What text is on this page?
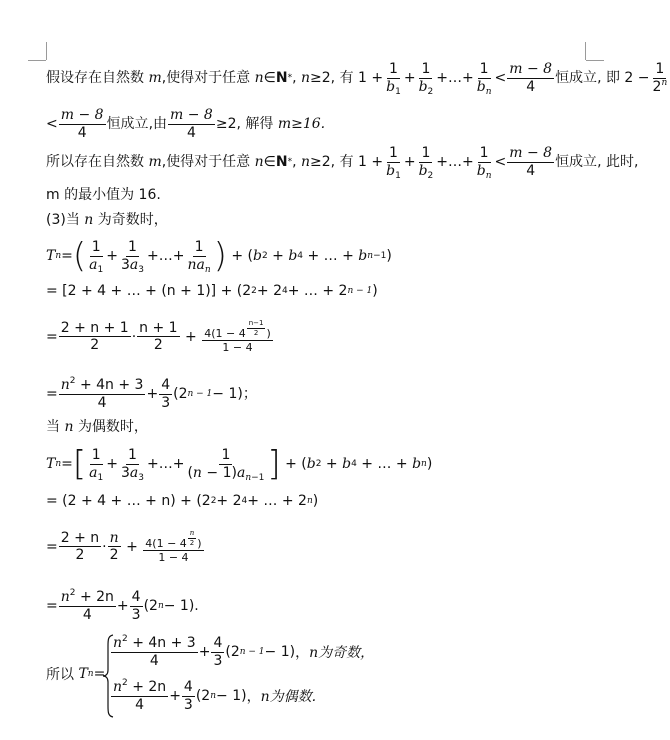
假设存在自然数
m , 使得对于任意
n ∈ N * , n ≥2 , 有
$1 + \frac{1}{b_1} + \frac{1}{b_2}$ + … + $\frac{1}{b_n} < \frac{m - 8}{4}$ 恒成立 , 即
$2 - \frac{1}{2^n}$
< $\frac{m - 8}{4}$ 恒成立 , 由 $\frac{m - 8}{4} \ge 2$ , 解得
m≥16.
所以存在自然数
m , 使得对于任意
n ∈ N * , n ≥2 , 有
$1 + \frac{1}{b_1} + \frac{1}{b_2}$ + … + $\frac{1}{b_n} < \frac{m - 8}{4}$ 恒成立 , 此时 ,
m 的最小值为 16.
(3)当
n
为奇数时，
T n = ( $\frac{1}{a_1} + \frac{1}{3a_3}$ + … + $\frac{1}{na_n}$ ) + ( b 2 + b 4 + … + b n −1 )
= [2 + 4 + … + (n + 1)] + (2 2 + 2 4 + … + 2 n − 1 )
= $\frac{2 + n + 1}{2} \cdot \frac{n + 1}{2} + 4(1 - 4$ $^{\frac{n-1}{2}}$ )
1 − 4
= $\frac{n^2 + 4n + 3}{4} + \frac{4}{3} (2$ n − 1 − 1)；
当
n
为偶数时，
T n = [ $\frac{1}{a_1} + \frac{1}{3a_3}$ + … + $\frac{1}{(n - 1)a_{n-1}}$ ] + ( b 2 + b 4 + … + b n )
= (2 + 4 + … + n) + (2 2 + 2 4 + … + 2 n )
= $\frac{2 + n}{2} \cdot \frac{n}{2} + 4(1 - 4$ $^{\frac{n}{2}}$ )
1 − 4
= $\frac{n^2 + 2n}{4} + \frac{4}{3} (2$ n − 1).
所以
T n =
$\frac{n^2 + 4n + 3}{4} + \frac{4}{3} (2$ n − 1 − 1) ， n为奇数，
$\frac{n^2 + 2n}{4} + \frac{4}{3} (2$ n − 1) ， n为偶数.
